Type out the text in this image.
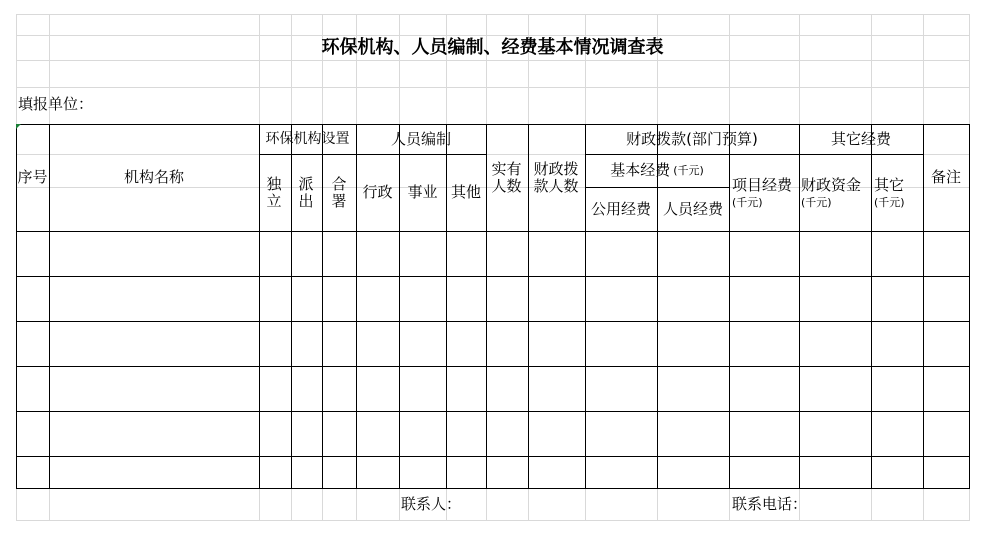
环保机构、人员编制、经费基本情况调查表
填报单位：
序号	机构名称
环保机构设置
独立
派出
合署
人员编制
行政 事业 其他
实有人数
财政拨款人数
财政拨款(部门预算)
基本经费 (千元)
公用经费 人员经费
项目经费
(千元)
其它经费
财政资金
(千元)
其它
(千元)
备注
联系人：	联系电话：
